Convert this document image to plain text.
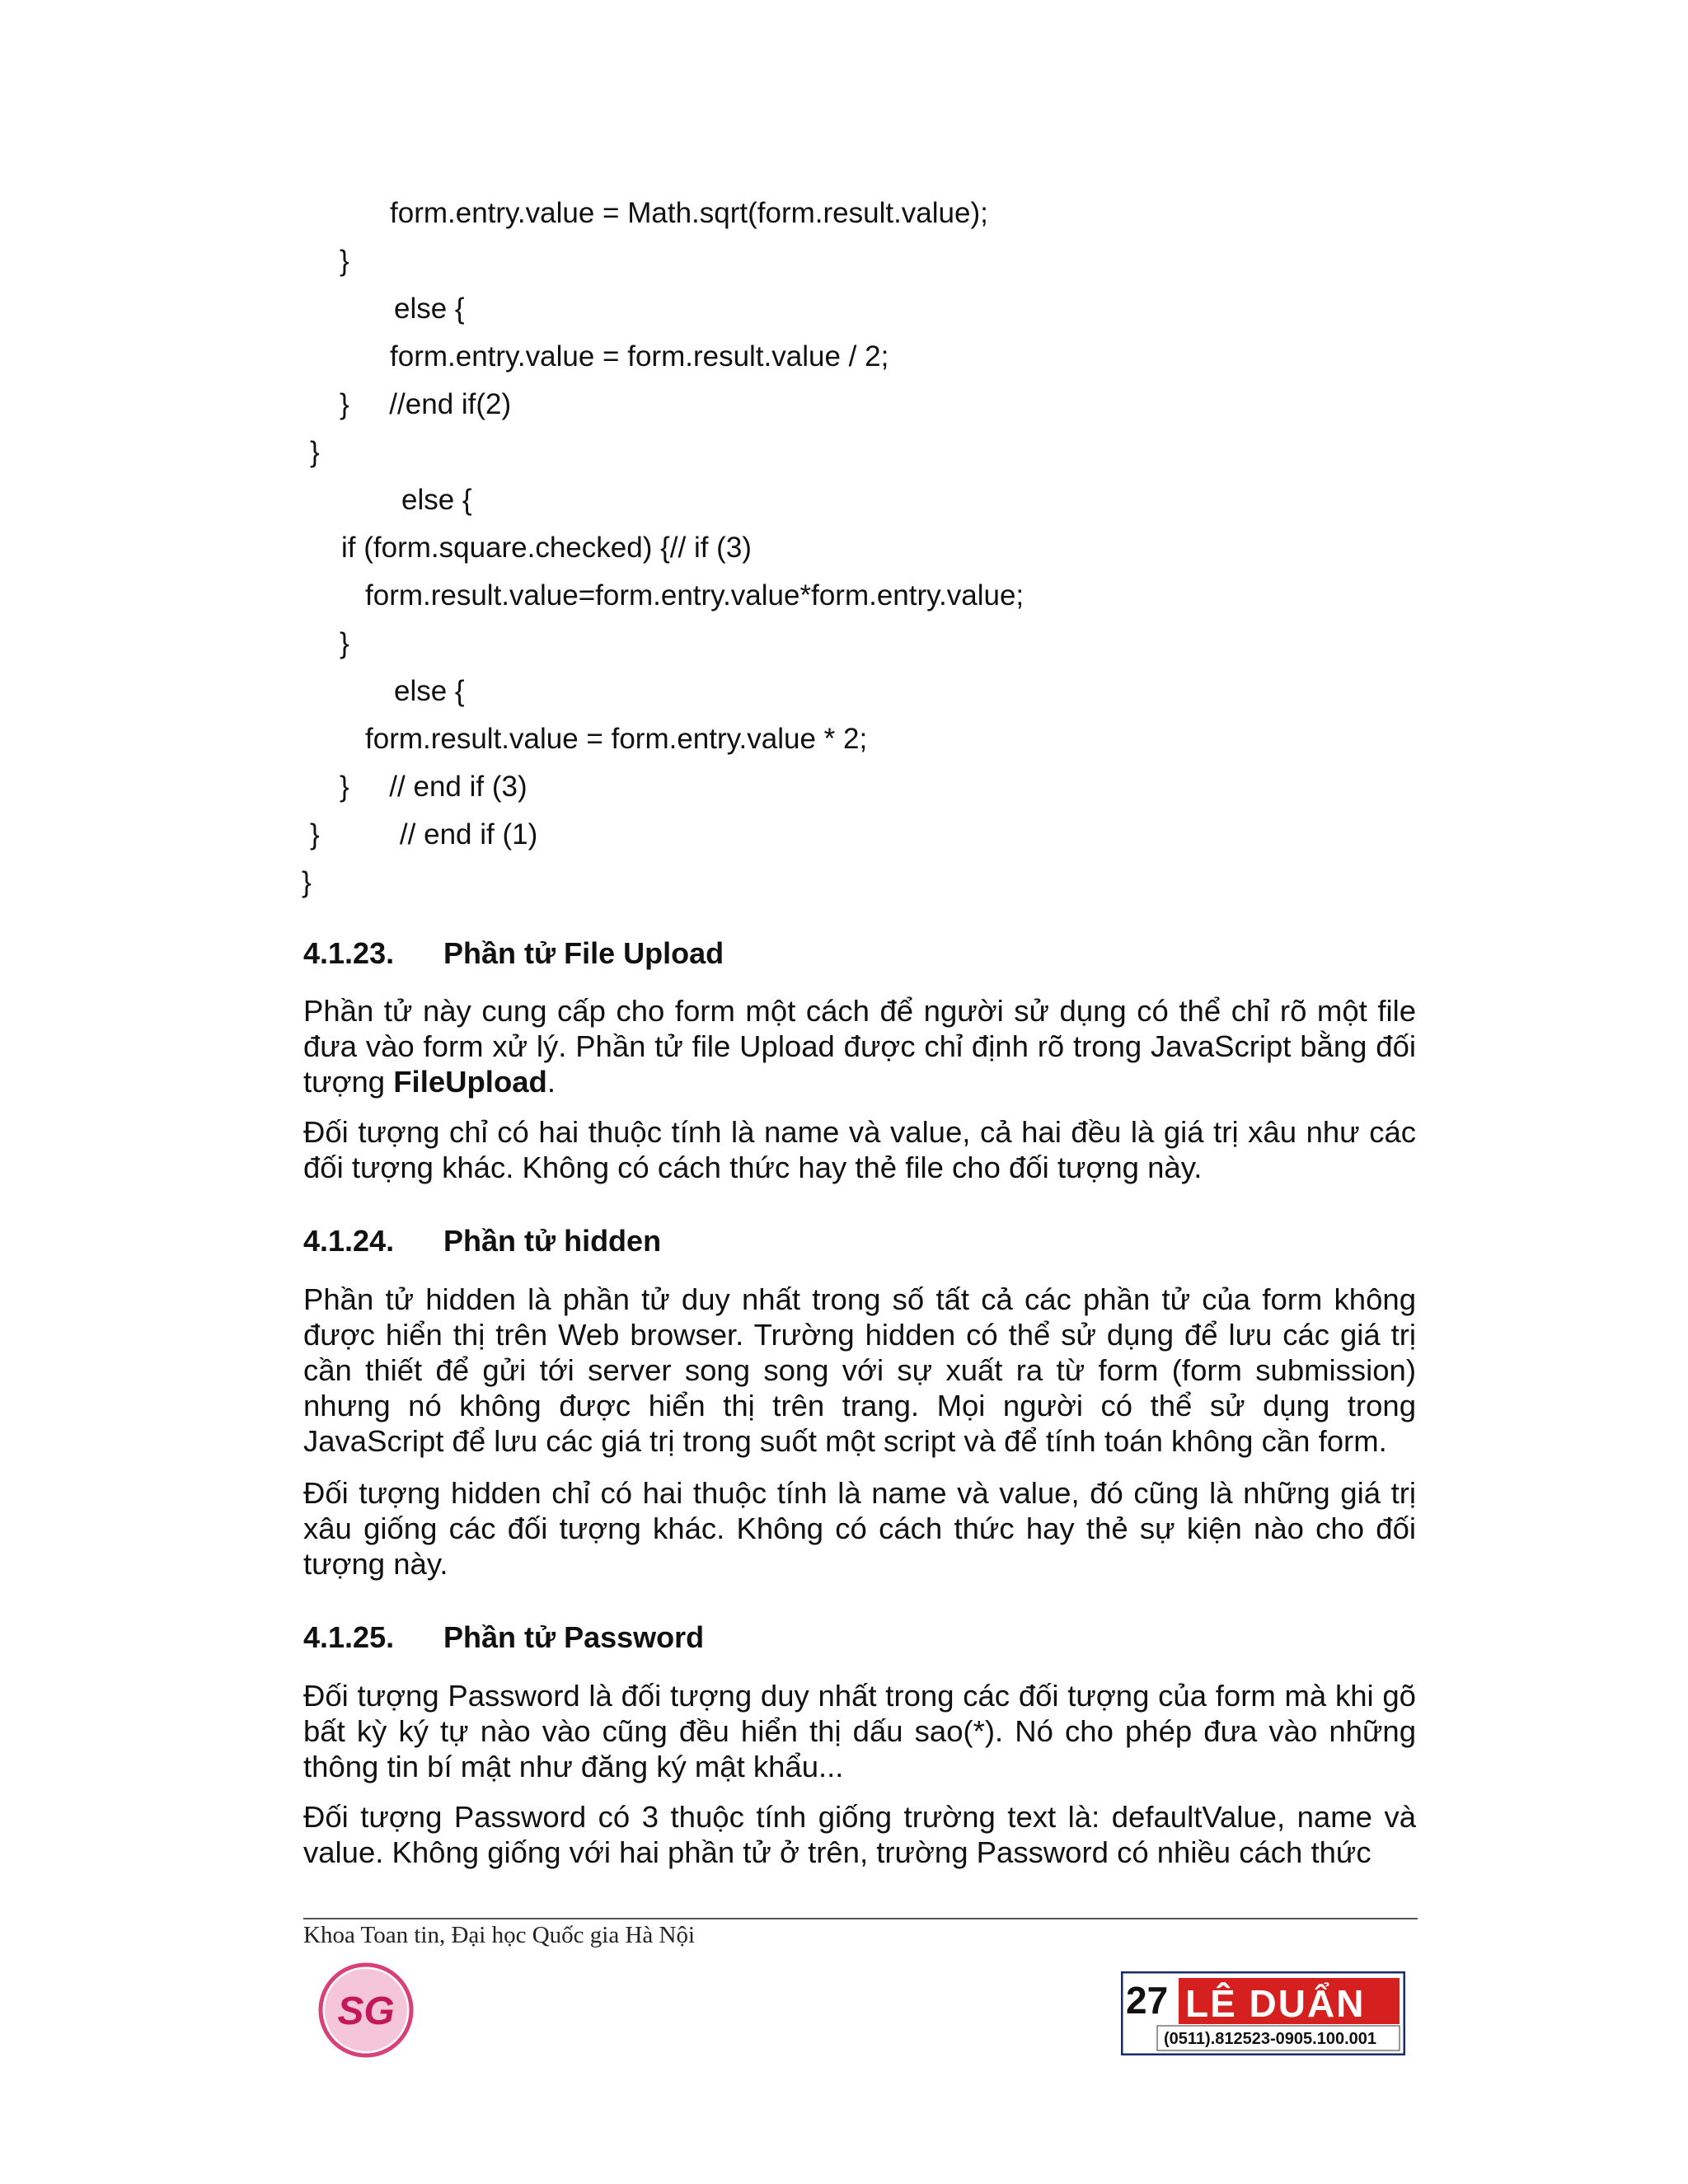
form.entry.value = Math.sqrt(form.result.value);
}
else {
form.entry.value = form.result.value / 2;
}     //end if(2)
}
else {
if (form.square.checked) {// if (3)
form.result.value=form.entry.value*form.entry.value;
}
else {
form.result.value = form.entry.value * 2;
}     // end if (3)
}          // end if (1)
}
4.1.23. Phần tử File Upload

Phần tử này cung cấp cho form một cách để người sử dụng có thể chỉ rõ một file đưa vào form xử lý. Phần tử file Upload được chỉ định rõ trong JavaScript bằng đối tượng FileUpload.

Đối tượng chỉ có hai thuộc tính là name và value, cả hai đều là giá trị xâu như các đối tượng khác. Không có cách thức hay thẻ file cho đối tượng này.

4.1.24. Phần tử hidden

Phần tử hidden là phần tử duy nhất trong số tất cả các phần tử của form không được hiển thị trên Web browser. Trường hidden có thể sử dụng để lưu các giá trị cần thiết để gửi tới server song song với sự xuất ra từ form (form submission) nhưng nó không được hiển thị trên trang. Mọi người có thể sử dụng trong JavaScript để lưu các giá trị trong suốt một script và để tính toán không cần form.

Đối tượng hidden chỉ có hai thuộc tính là name và value, đó cũng là những giá trị xâu giống các đối tượng khác. Không có cách thức hay thẻ sự kiện nào cho đối tượng này.

4.1.25. Phần tử Password

Đối tượng Password là đối tượng duy nhất trong các đối tượng của form mà khi gõ bất kỳ ký tự nào vào cũng đều hiển thị dấu sao(*). Nó cho phép đưa vào những thông tin bí mật như đăng ký mật khẩu...

Đối tượng Password có 3 thuộc tính giống trường text là: defaultValue, name và value. Không giống với hai phần tử ở trên, trường Password có nhiều cách thức

Khoa Toan tin, Đại học Quốc gia Hà Nội
SG	27 LÊ DUẨN
(0511).812523-0905.100.001
